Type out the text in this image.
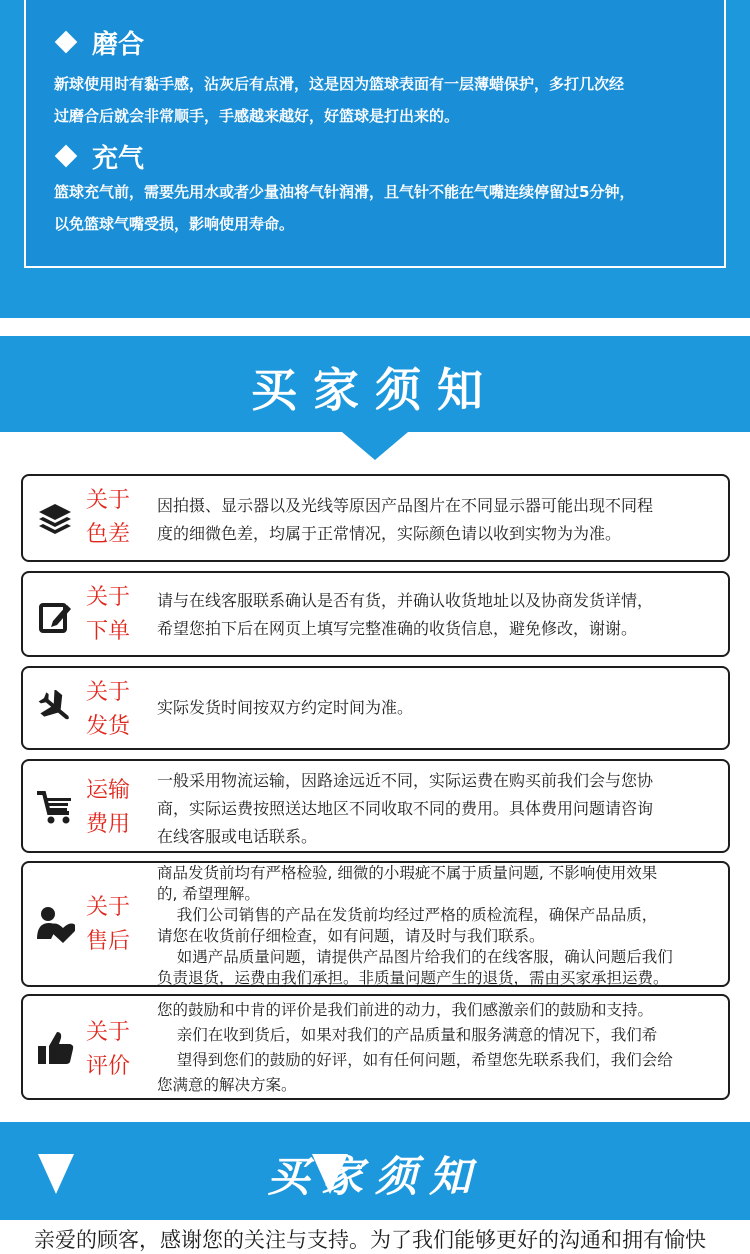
磨合
新球使用时有黏手感，沾灰后有点滑，这是因为篮球表面有一层薄蜡保护，多打几次经
过磨合后就会非常顺手，手感越来越好，好篮球是打出来的。
充气
篮球充气前，需要先用水或者少量油将气针润滑，且气针不能在气嘴连续停留过5分钟，
以免篮球气嘴受损，影响使用寿命。
买家须知
关于
色差

因拍摄、显示器以及光线等原因产品图片在不同显示器可能出现不同程

度的细微色差，均属于正常情况，实际颜色请以收到实物为为准。

关于
下单

请与在线客服联系确认是否有货，并确认收货地址以及协商发货详情，

希望您拍下后在网页上填写完整准确的收货信息，避免修改，谢谢。

关于
发货

实际发货时间按双方约定时间为准。

运输
费用

一般采用物流运输，因路途远近不同，实际运费在购买前我们会与您协

商，实际运费按照送达地区不同收取不同的费用。具体费用问题请咨询

在线客服或电话联系。

关于
售后

商品发货前均有严格检验, 细微的小瑕疵不属于质量问题, 不影响使用效果

的, 希望理解。

我们公司销售的产品在发货前均经过严格的质检流程，确保产品品质，

请您在收货前仔细检查，如有问题，请及时与我们联系。

如遇产品质量问题，请提供产品图片给我们的在线客服，确认问题后我们

负责退货，运费由我们承担。非质量问题产生的退货，需由买家承担运费。

关于
评价

您的鼓励和中肯的评价是我们前进的动力，我们感激亲们的鼓励和支持。

亲们在收到货后，如果对我们的产品质量和服务满意的情况下，我们希

望得到您们的鼓励的好评，如有任何问题，希望您先联系我们，我们会给

您满意的解决方案。

买家须知
亲爱的顾客，感谢您的关注与支持。为了我们能够更好的沟通和拥有愉快
